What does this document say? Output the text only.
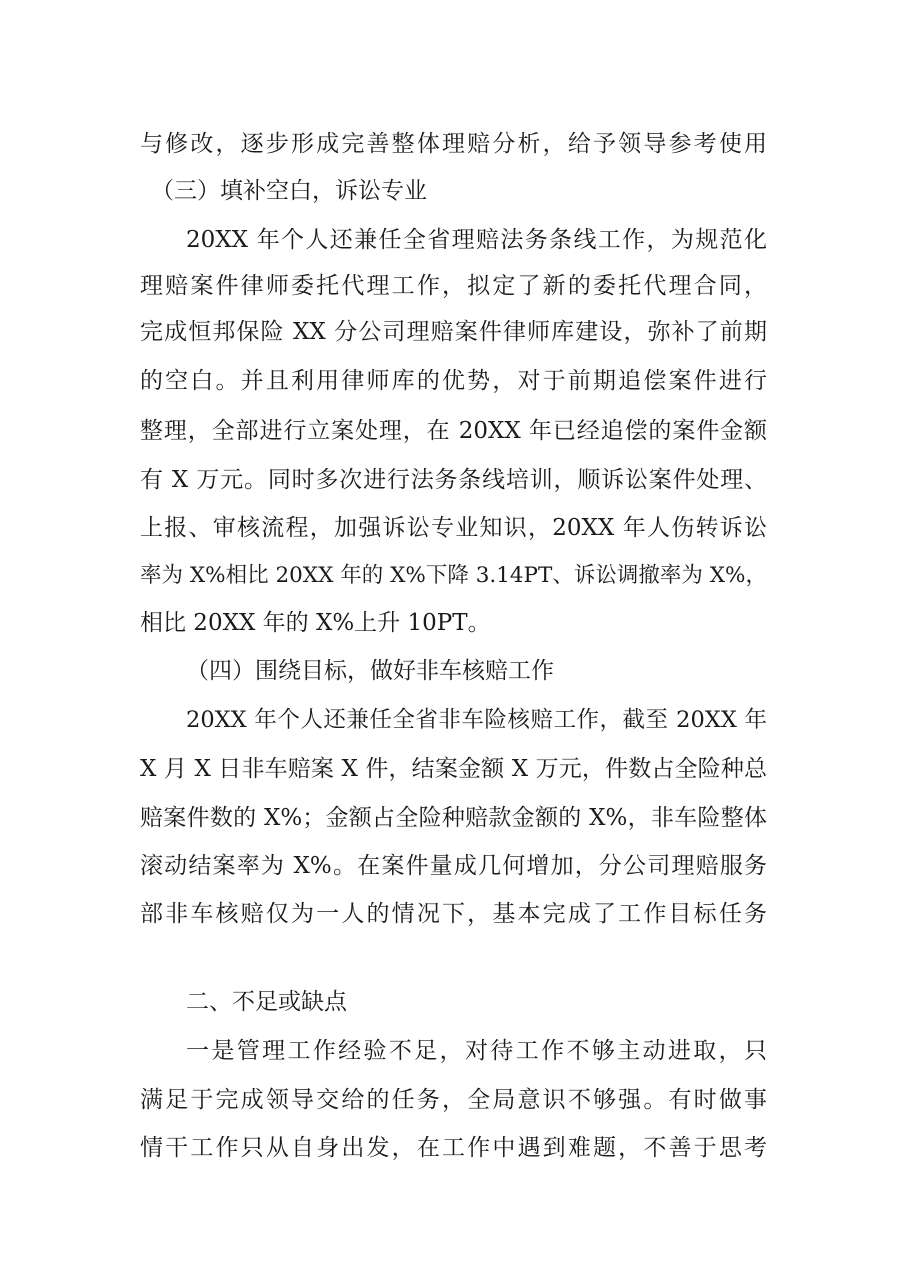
与修改，逐步形成完善整体理赔分析，给予领导参考使用
（三）填补空白，诉讼专业
20XX 年个人还兼任全省理赔法务条线工作，为规范化
理赔案件律师委托代理工作，拟定了新的委托代理合同，
完成恒邦保险 XX 分公司理赔案件律师库建设，弥补了前期
的空白。并且利用律师库的优势，对于前期追偿案件进行
整理，全部进行立案处理，在 20XX 年已经追偿的案件金额
有 X 万元。同时多次进行法务条线培训，顺诉讼案件处理、
上报、审核流程，加强诉讼专业知识，20XX 年人伤转诉讼
率为 X%相比 20XX 年的 X%下降 3.14PT、诉讼调撤率为 X%，
相比 20XX 年的 X%上升 10PT。
（四）围绕目标，做好非车核赔工作
20XX 年个人还兼任全省非车险核赔工作，截至 20XX 年
X 月 X 日非车赔案 X 件，结案金额 X 万元，件数占全险种总
赔案件数的 X%；金额占全险种赔款金额的 X%，非车险整体
滚动结案率为 X%。在案件量成几何增加，分公司理赔服务
部非车核赔仅为一人的情况下，基本完成了工作目标任务
二、不足或缺点
一是管理工作经验不足，对待工作不够主动进取，只
满足于完成领导交给的任务，全局意识不够强。有时做事
情干工作只从自身出发，在工作中遇到难题，不善于思考
